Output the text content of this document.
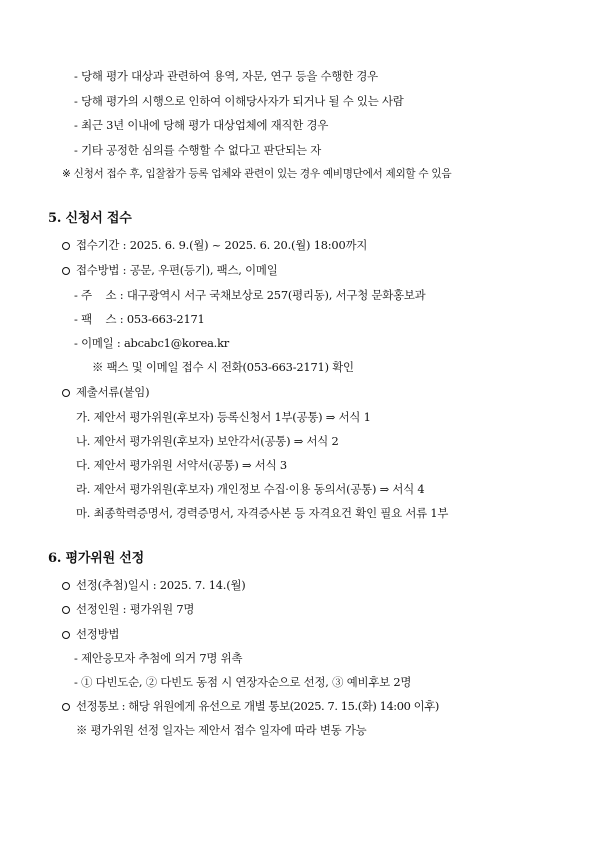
- 당해 평가 대상과 관련하여 용역, 자문, 연구 등을 수행한 경우
- 당해 평가의 시행으로 인하여 이해당사자가 되거나 될 수 있는 사람
- 최근 3년 이내에 당해 평가 대상업체에 재직한 경우
- 기타 공정한 심의를 수행할 수 없다고 판단되는 자
※ 신청서 접수 후, 입찰참가 등록 업체와 관련이 있는 경우 예비명단에서 제외할 수 있음
5. 신청서 접수
접수기간 : 2025. 6. 9.(월) ~ 2025. 6. 20.(월) 18:00까지
접수방법 : 공문, 우편(등기), 팩스, 이메일
- 주    소 : 대구광역시 서구 국채보상로 257(평리동), 서구청 문화홍보과
- 팩    스 : 053-663-2171
- 이메일 : abcabc1@korea.kr
※ 팩스 및 이메일 접수 시 전화(053-663-2171) 확인
제출서류(붙임)
가. 제안서 평가위원(후보자) 등록신청서 1부(공통) ⇒ 서식 1
나. 제안서 평가위원(후보자) 보안각서(공통) ⇒ 서식 2
다. 제안서 평가위원 서약서(공통) ⇒ 서식 3
라. 제안서 평가위원(후보자) 개인정보 수집·이용 동의서(공통) ⇒ 서식 4
마. 최종학력증명서, 경력증명서, 자격증사본 등 자격요건 확인 필요 서류 1부
6. 평가위원 선정
선정(추첨)일시 : 2025. 7. 14.(월)
선정인원 : 평가위원 7명
선정방법
- 제안응모자 추첨에 의거 7명 위촉
- ① 다빈도순, ② 다빈도 동점 시 연장자순으로 선정, ③ 예비후보 2명
선정통보 : 해당 위원에게 유선으로 개별 통보(2025. 7. 15.(화) 14:00 이후)
※ 평가위원 선정 일자는 제안서 접수 일자에 따라 변동 가능
